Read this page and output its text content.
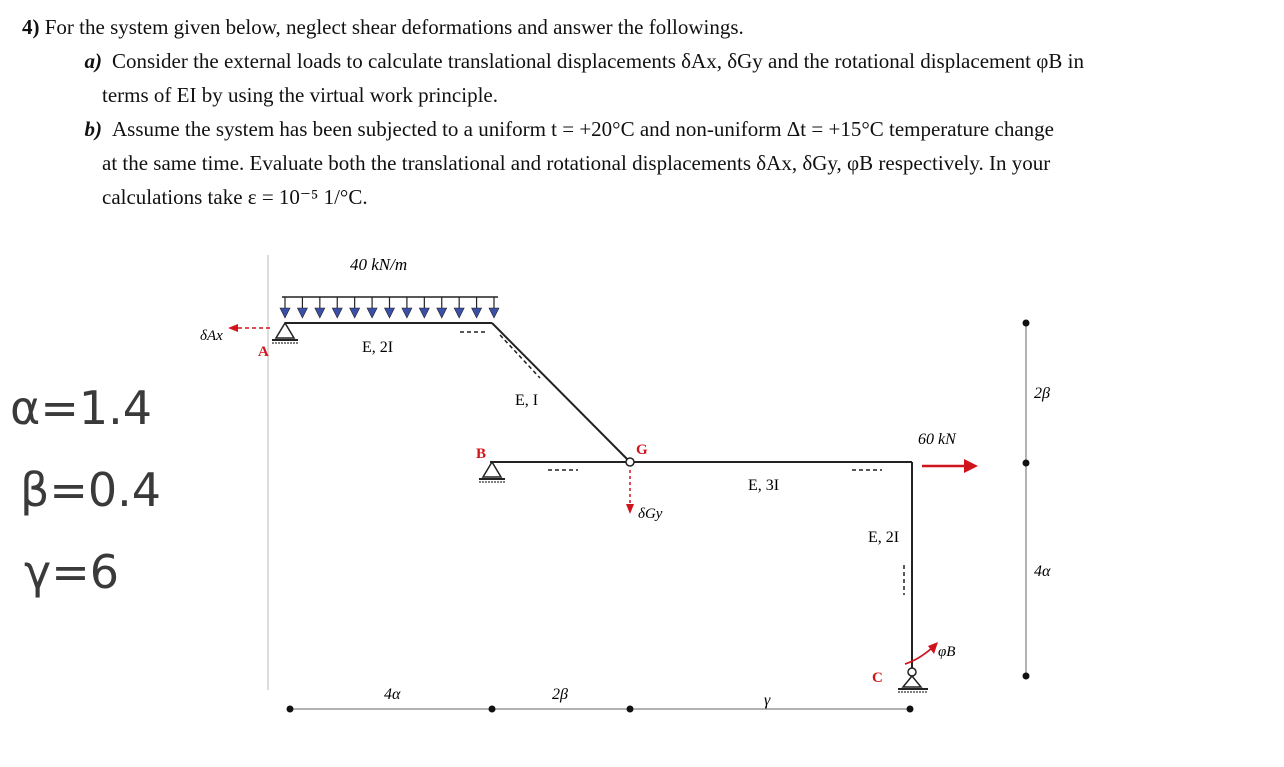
4) For the system given below, neglect shear deformations and answer the followings.
a) Consider the external loads to calculate translational displacements δAx, δGy and the rotational displacement φB in
terms of EI by using the virtual work principle.
b) Assume the system has been subjected to a uniform t = +20°C and non-uniform Δt = +15°C temperature change
at the same time. Evaluate both the translational and rotational displacements δAx, δGy, φB respectively. In your
calculations take ε = 10⁻⁵ 1/°C.
40 kN/m
A
B	G
C
E, 2I
E, I
E, 3I
E, 2I
δAx
δGy
60 kN
φB
4α	2β	γ
2β
4α
α=1.4
β=0.4
γ=6
